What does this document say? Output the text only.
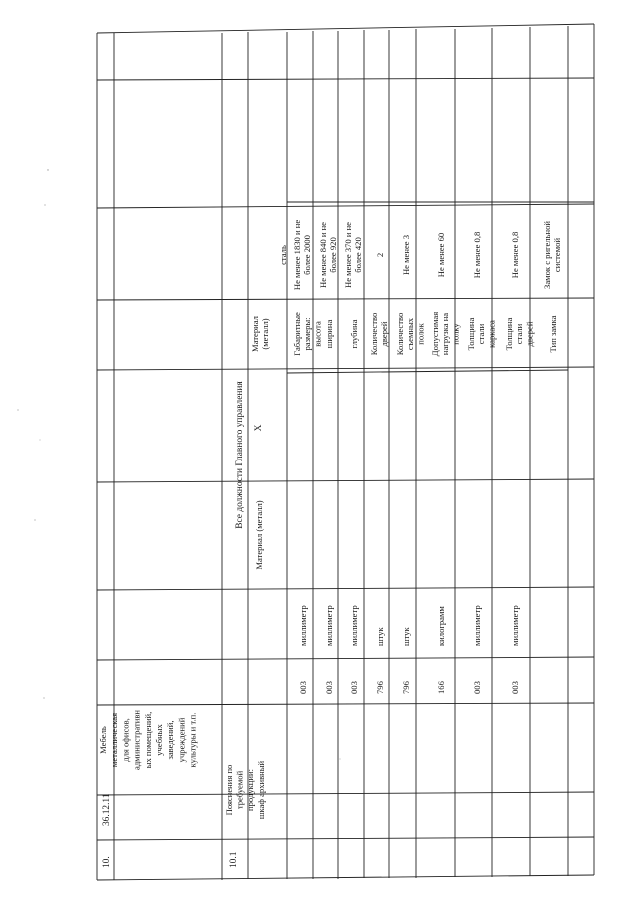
10.
36.12.11
Мебель металлическая для офисов, административн ых помещений, учебных заведений, учреждений культуры и т.п.
10.1
Пояснения по требуемой продукции: шкаф архивный
Все должности Главного управления X
Материал (металл)
Материал (металл)
сталь
003
миллиметр
Габаритные размеры: высота
Не менее 1830 и не более 2000
003
миллиметр
ширина
Не менее 840 и не более 920
003
миллиметр
глубина
Не менее 370 и не более 420
796
штук
Количество дверей
2
796
штук
Количество съемных полок
Не менее 3
166
килограмм
Допустимая нагрузка на полку
Не менее 60
003
миллиметр
Толщина стали каркаса
Не менее 0,8
003
миллиметр
Толщина стали дверей
Не менее 0,8
Тип замка
Замок с ригельной системой
